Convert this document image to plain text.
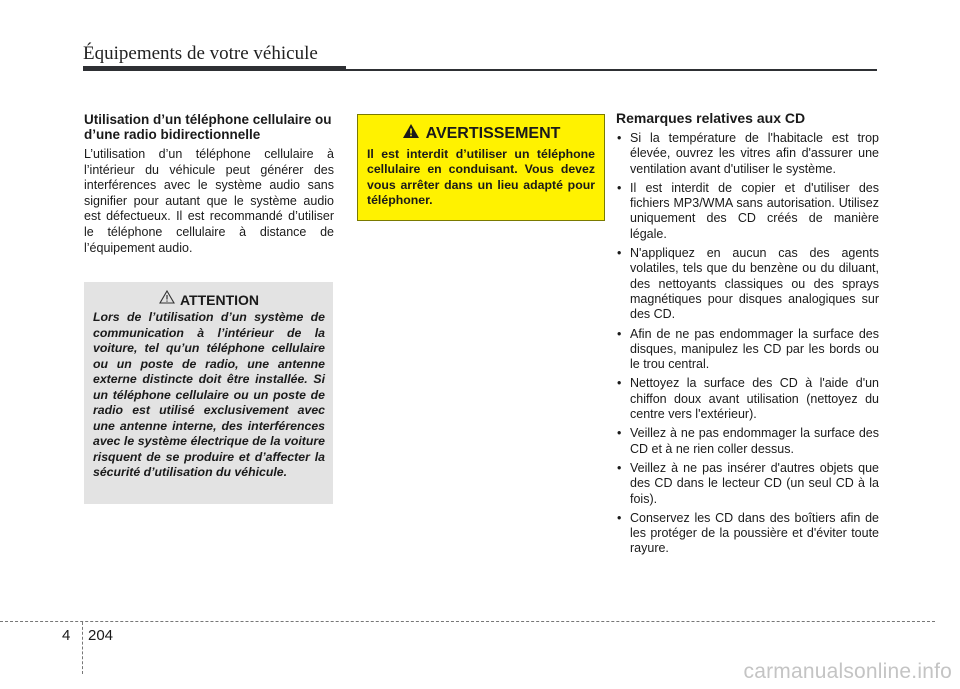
Équipements de votre véhicule
Utilisation d’un téléphone cellulaire ou d’une radio bidirectionnelle

L’utilisation d’un téléphone cellulaire à l’intérieur du véhicule peut générer des interférences avec le système audio sans signifier pour autant que le système audio est défectueux. Il est recommandé d’utiliser le téléphone cellulaire à distance de l’équipement audio.

ATTENTION

Lors de l’utilisation d’un système de communication à l’intérieur de la voiture, tel qu’un téléphone cellulaire ou un poste de radio, une antenne externe distincte doit être installée. Si un téléphone cellulaire ou un poste de radio est utilisé exclusivement avec une antenne interne, des interférences avec le système électrique de la voiture risquent de se produire et d’affecter la sécurité d’utilisation du véhicule.

AVERTISSEMENT

Il est interdit d’utiliser un téléphone cellulaire en conduisant. Vous devez vous arrêter dans un lieu adapté pour téléphoner.

Remarques relatives aux CD
• Si la température de l'habitacle est trop élevée, ouvrez les vitres afin d'assurer une ventilation avant d'utiliser le système.
• Il est interdit de copier et d'utiliser des fichiers MP3/WMA sans autorisation. Utilisez uniquement des CD créés de manière légale.
• N'appliquez en aucun cas des agents volatiles, tels que du benzène ou du diluant, des nettoyants classiques ou des sprays magnétiques pour disques analogiques sur des CD.
• Afin de ne pas endommager la surface des disques, manipulez les CD par les bords ou le trou central.
• Nettoyez la surface des CD à l'aide d'un chiffon doux avant utilisation (nettoyez du centre vers l'extérieur).
• Veillez à ne pas endommager la surface des CD et à ne rien coller dessus.
• Veillez à ne pas insérer d'autres objets que des CD dans le lecteur CD (un seul CD à la fois).
• Conservez les CD dans des boîtiers afin de les protéger de la poussière et d'éviter toute rayure.
4 204
carmanualsonline.info
